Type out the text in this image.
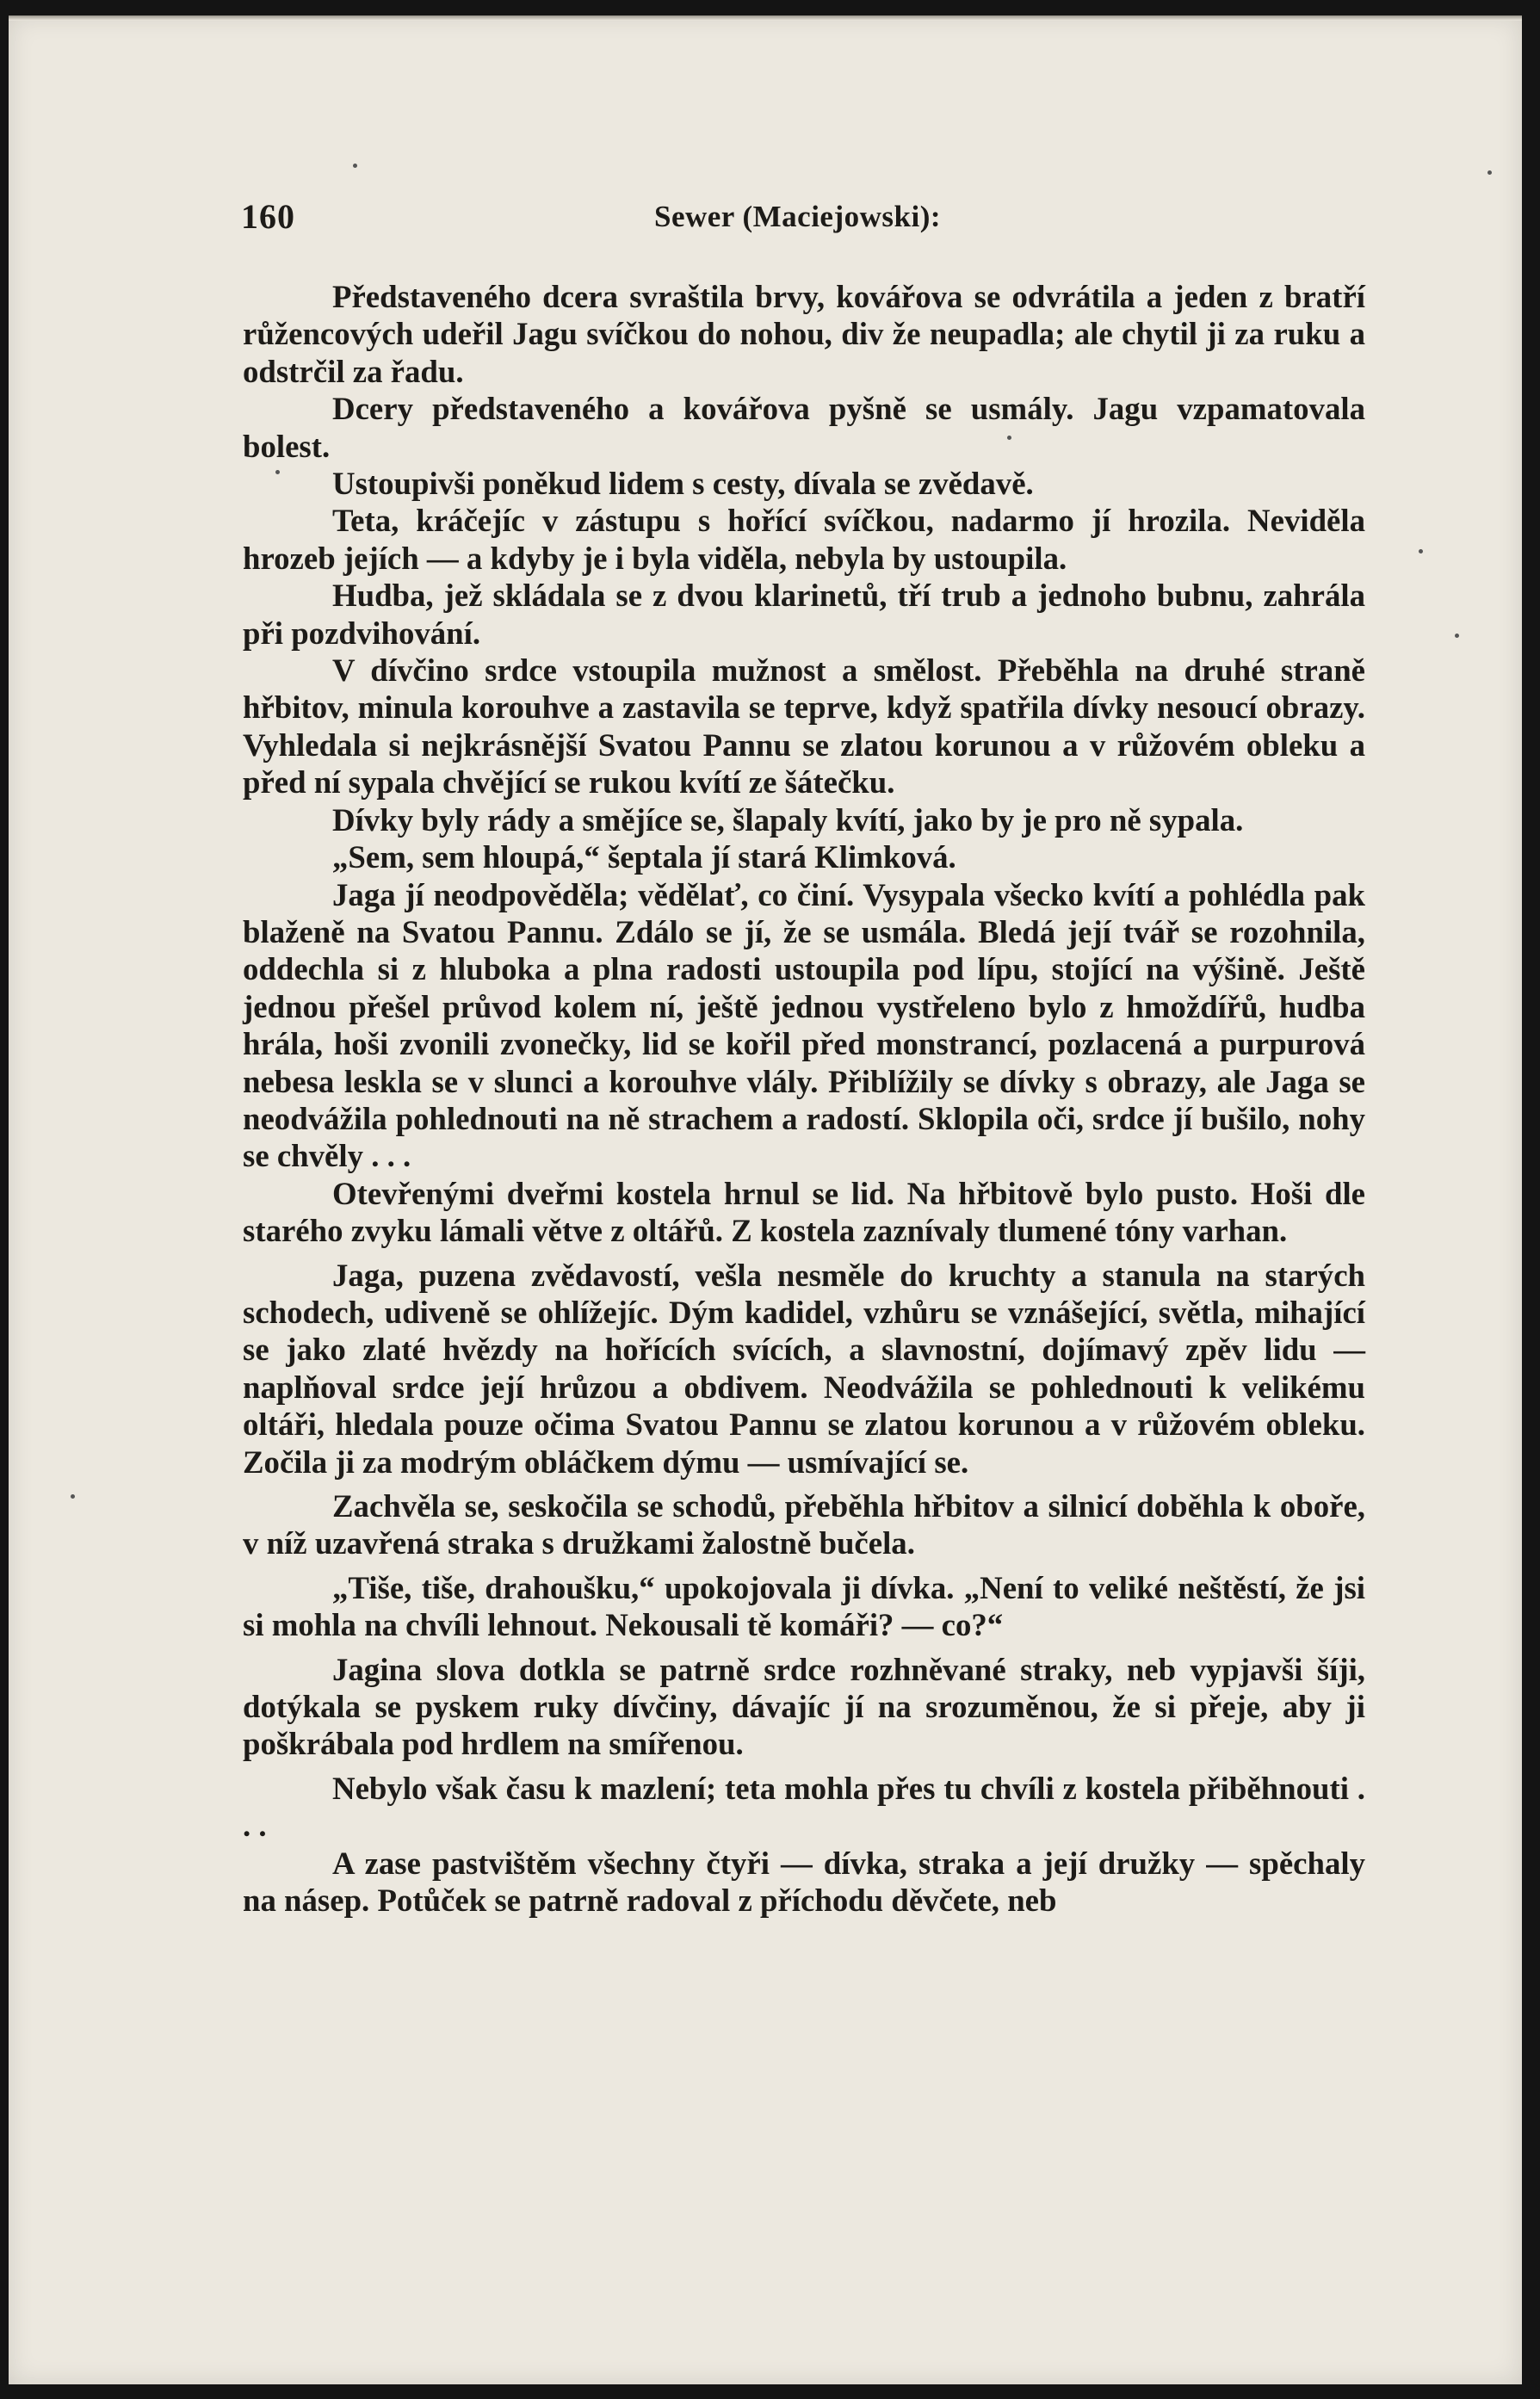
160	Sewer (Maciejowski):

Představeného dcera svraštila brvy, kovářova se odvrátila a jeden z bratří růžencových udeřil Jagu svíčkou do nohou, div že neupadla; ale chytil ji za ruku a odstrčil za řadu.

Dcery představeného a kovářova pyšně se usmály. Jagu vzpamatovala bolest.

Ustoupivši poněkud lidem s cesty, dívala se zvědavě.

Teta, kráčejíc v zástupu s hořící svíčkou, nadarmo jí hrozila. Neviděla hrozeb jejích — a kdyby je i byla viděla, nebyla by ustoupila.

Hudba, jež skládala se z dvou klarinetů, tří trub a jednoho bubnu, zahrála při pozdvihování.

V dívčino srdce vstoupila mužnost a smělost. Přeběhla na druhé straně hřbitov, minula korouhve a zastavila se teprve, když spatřila dívky nesoucí obrazy. Vyhledala si nejkrásnější Svatou Pannu se zlatou korunou a v růžovém obleku a před ní sypala chvějící se rukou kvítí ze šátečku.

Dívky byly rády a smějíce se, šlapaly kvítí, jako by je pro ně sypala.

„Sem, sem hloupá,“ šeptala jí stará Klimková.

Jaga jí neodpověděla; vědělať, co činí. Vysypala všecko kvítí a pohlédla pak blaženě na Svatou Pannu. Zdálo se jí, že se usmála. Bledá její tvář se rozohnila, oddechla si z hluboka a plna radosti ustoupila pod lípu, stojící na výšině. Ještě jednou přešel průvod kolem ní, ještě jednou vystřeleno bylo z hmoždířů, hudba hrála, hoši zvonili zvonečky, lid se kořil před monstrancí, pozlacená a purpurová nebesa leskla se v slunci a korouhve vlály. Přiblížily se dívky s obrazy, ale Jaga se neodvážila pohlednouti na ně strachem a radostí. Sklopila oči, srdce jí bušilo, nohy se chvěly . . .

Otevřenými dveřmi kostela hrnul se lid. Na hřbitově bylo pusto. Hoši dle starého zvyku lámali větve z oltářů. Z kostela zaznívaly tlumené tóny varhan.

Jaga, puzena zvědavostí, vešla nesměle do kruchty a stanula na starých schodech, udiveně se ohlížejíc. Dým kadidel, vzhůru se vznášející, světla, mihající se jako zlaté hvězdy na hořících svících, a slavnostní, dojímavý zpěv lidu — naplňoval srdce její hrůzou a obdivem. Neodvážila se pohlednouti k velikému oltáři, hledala pouze očima Svatou Pannu se zlatou korunou a v růžovém obleku. Zočila ji za modrým obláčkem dýmu — usmívající se.

Zachvěla se, seskočila se schodů, přeběhla hřbitov a silnicí doběhla k oboře, v níž uzavřená straka s družkami žalostně bučela.

„Tiše, tiše, drahoušku,“ upokojovala ji dívka. „Není to veliké neštěstí, že jsi si mohla na chvíli lehnout. Nekousali tě komáři? — co?“

Jagina slova dotkla se patrně srdce rozhněvané straky, neb vypjavši šíji, dotýkala se pyskem ruky dívčiny, dávajíc jí na srozuměnou, že si přeje, aby ji poškrábala pod hrdlem na smířenou.

Nebylo však času k mazlení; teta mohla přes tu chvíli z kostela přiběhnouti . . .

A zase pastvištěm všechny čtyři — dívka, straka a její družky — spěchaly na násep. Potůček se patrně radoval z příchodu děvčete, neb
